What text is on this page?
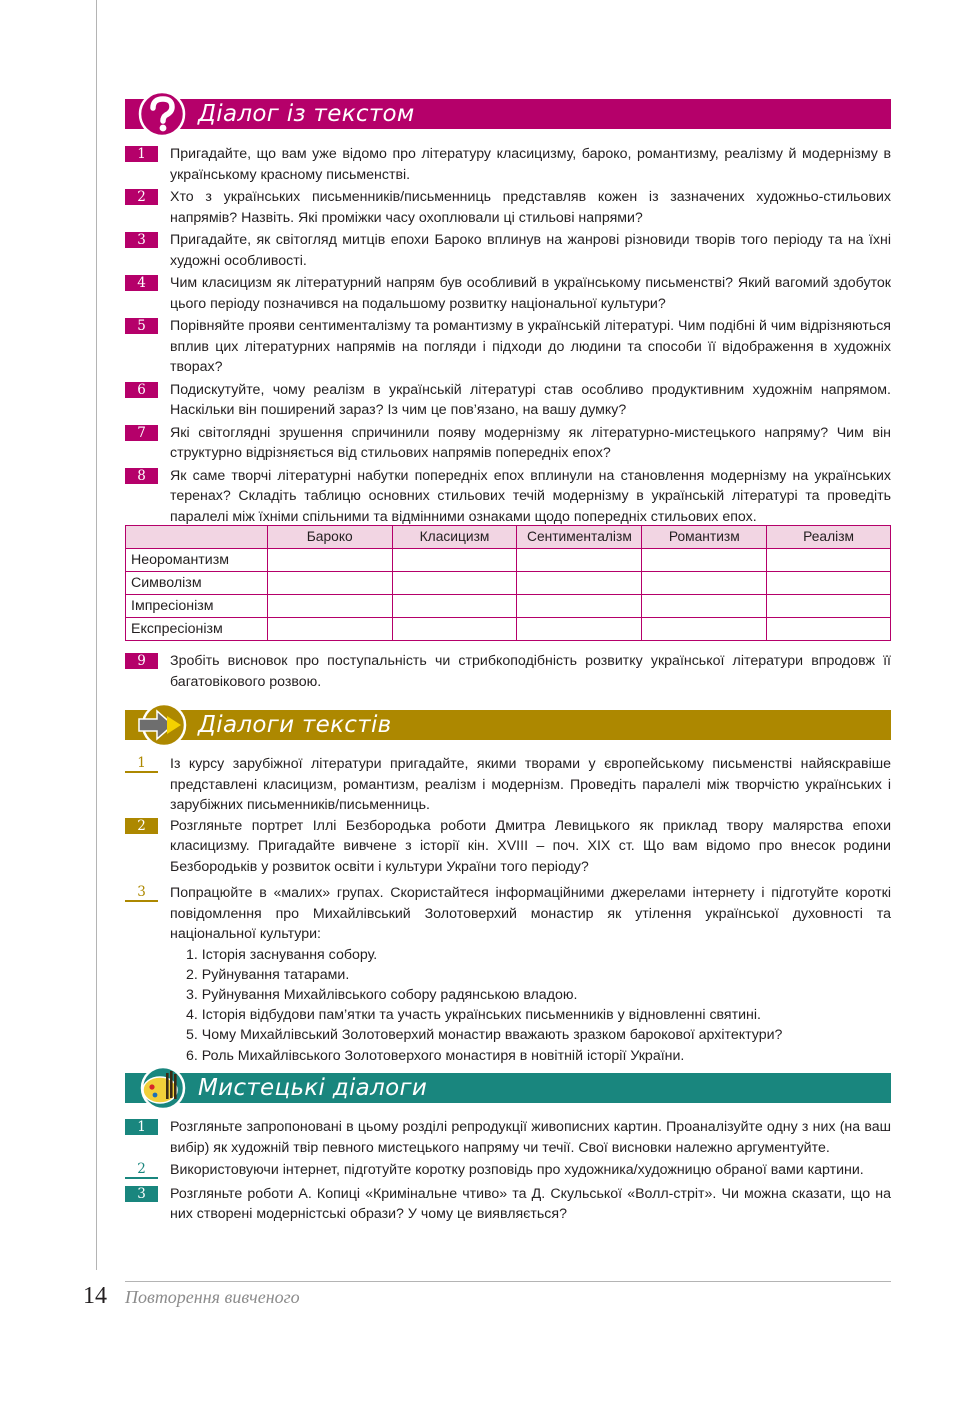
Діалог із текстом
1	Пригадайте, що вам уже відомо про літературу класицизму, бароко, романтизму, реалізму й модернізму в українському красному письменстві.
2	Хто з українських письменників/письменниць представляв кожен із зазначених художньо-стильових напрямів? Назвіть. Які проміжки часу охоплювали ці стильові напрями?
3	Пригадайте, як світогляд митців епохи Бароко вплинув на жанрові різновиди творів того періоду та на їхні художні особливості.
4	Чим класицизм як літературний напрям був особливий в українському письменстві? Який вагомий здобуток цього періоду позначився на подальшому розвитку національної культури?
5	Порівняйте прояви сентименталізму та романтизму в українській літературі. Чим подібні й чим відрізняються вплив цих літературних напрямів на погляди і підходи до людини та способи її відображення в художніх творах?
6	Подискутуйте, чому реалізм в українській літературі став особливо продуктивним художнім напрямом. Наскільки він поширений зараз? Із чим це пов’язано, на вашу думку?
7	Які світоглядні зрушення спричинили появу модернізму як літературно-мистецького напряму? Чим він структурно відрізняється від стильових напрямів попередніх епох?
8	Як саме творчі літературні набутки попередніх епох вплинули на становлення модернізму на українських теренах? Складіть таблицю основних стильових течій модернізму в українській літературі та проведіть паралелі між їхніми спільними та відмінними ознаками щодо попередніх стильових епох.
	Бароко	Класицизм	Сентименталізм	Романтизм	Реалізм
Неоромантизм					
Символізм					
Імпресіонізм					
Експресіонізм					
9	Зробіть висновок про поступальність чи стрибкоподібність розвитку української літератури впродовж її багатовікового розвою.
Діалоги текстів
1	Із курсу зарубіжної літератури пригадайте, якими творами у європейському письменстві найяскравіше представлені класицизм, романтизм, реалізм і модернізм. Проведіть паралелі між творчістю українських і зарубіжних письменників/письменниць.
2	Розгляньте портрет Іллі Безбородька роботи Дмитра Левицького як приклад твору малярства епохи класицизму. Пригадайте вивчене з історії кін. XVIII – поч. XIX ст. Що вам відомо про внесок родини Безбородьків у розвиток освіти і культури України того періоду?
3	Попрацюйте в «малих» групах. Скористайтеся інформаційними джерелами інтернету і підготуйте короткі повідомлення про Михайлівський Золотоверхий монастир як утілення української духовності та національної культури:
1. Історія заснування собору.
2. Руйнування татарами.
3. Руйнування Михайлівського собору радянською владою.
4. Історія відбудови пам’ятки та участь українських письменників у відновленні святині.
5. Чому Михайлівський Золотоверхий монастир вважають зразком барокової архітектури?
6. Роль Михайлівського Золотоверхого монастиря в новітній історії України.
Мистецькі діалоги
1	Розгляньте запропоновані в цьому розділі репродукції живописних картин. Проаналізуйте одну з них (на ваш вибір) як художній твір певного мистецького напряму чи течії. Свої висновки належно аргументуйте.
2	Використовуючи інтернет, підготуйте коротку розповідь про художника/художницю обраної вами картини.
3	Розгляньте роботи А. Копиці «Кримінальне чтиво» та Д. Скульської «Волл-стріт». Чи можна сказати, що на них створені модерністські образи? У чому це виявляється?
14 Повторення вивченого
